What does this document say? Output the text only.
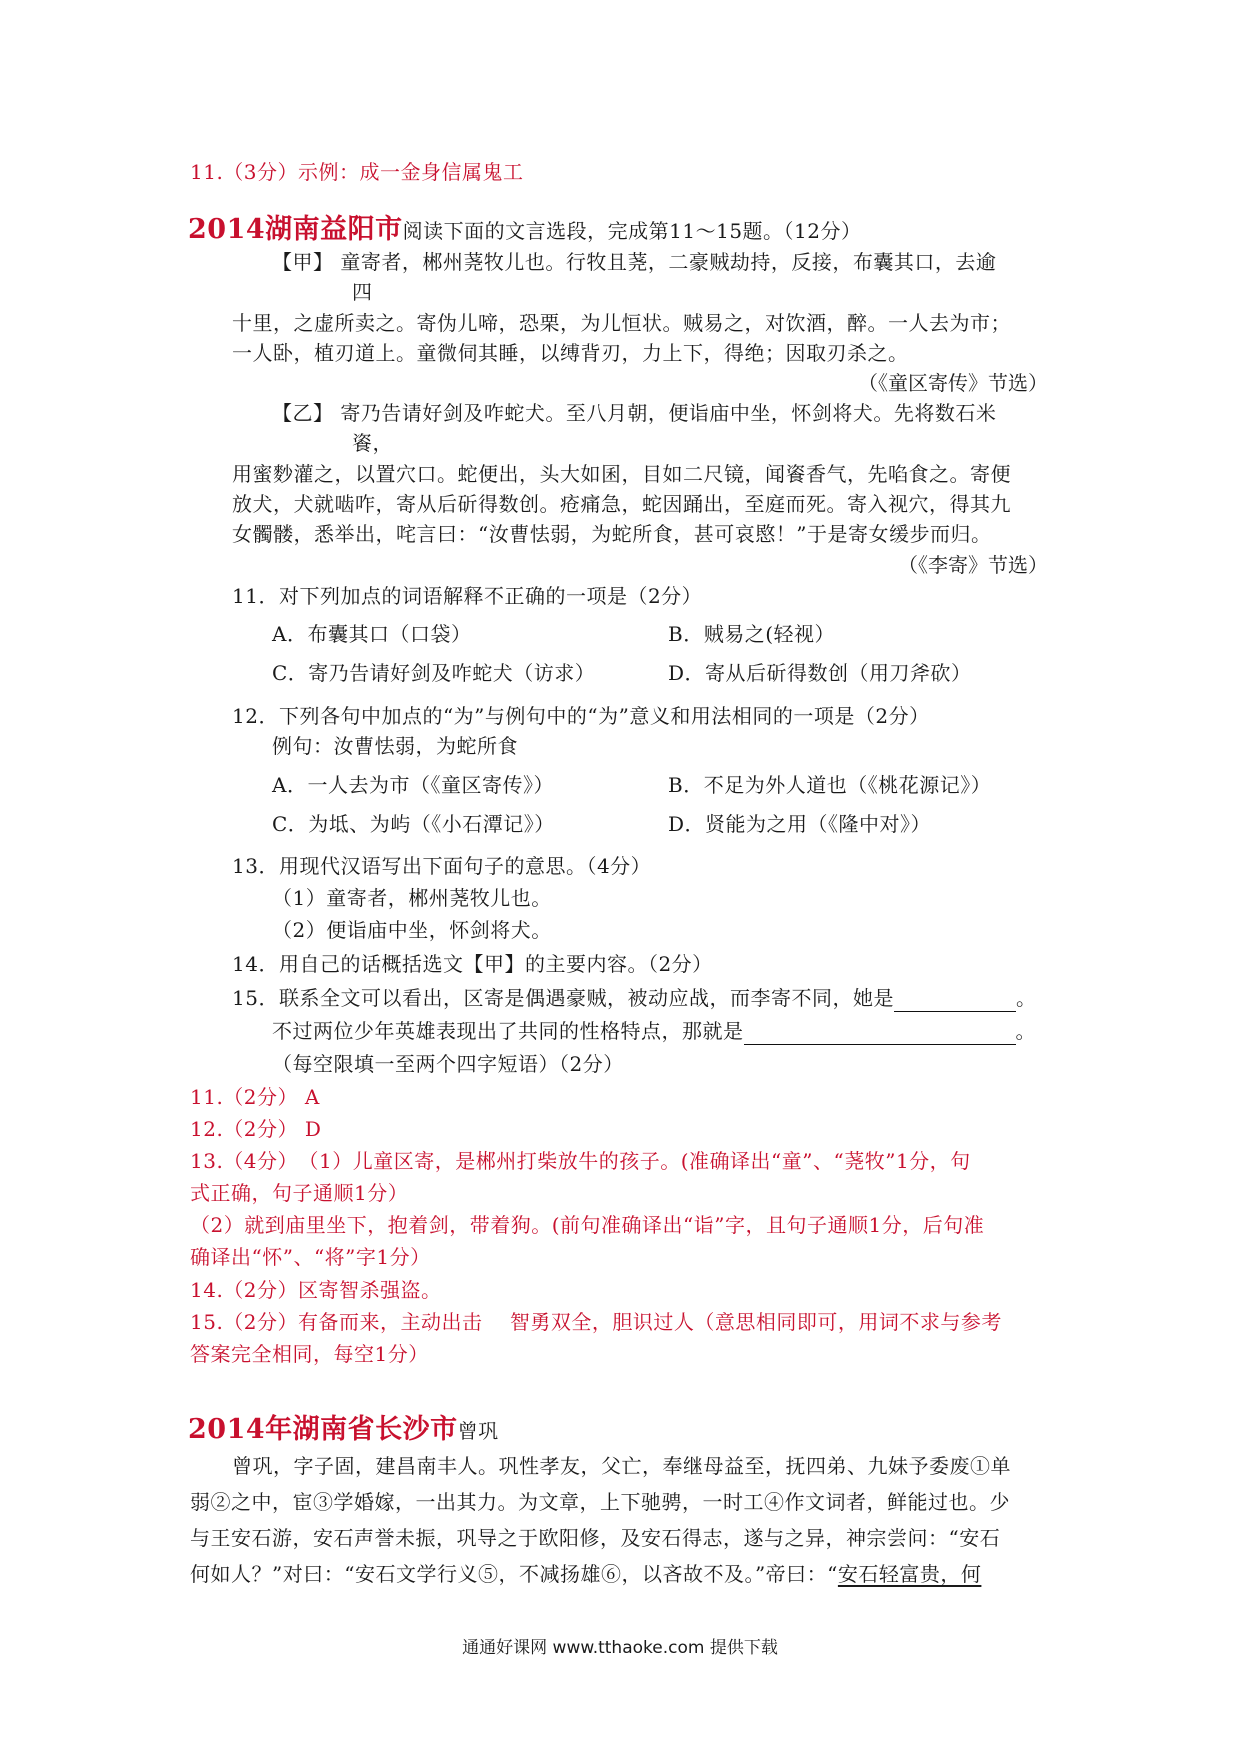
11.（3分）示例：成一金身信属鬼工
2014湖南益阳市阅读下面的文言选段，完成第11～15题。（12分）
【甲】 童寄者，郴州荛牧儿也。行牧且荛，二豪贼劫持，反接，布囊其口，去逾
四
十里，之虚所卖之。寄伪儿啼，恐栗，为儿恒状。贼易之，对饮酒，醉。一人去为市；
一人卧，植刃道上。童微伺其睡，以缚背刃，力上下，得绝；因取刃杀之。
（《童区寄传》节选）
【乙】 寄乃告请好剑及咋蛇犬。至八月朝，便诣庙中坐，怀剑将犬。先将数石米
餈，
用蜜麨灌之，以置穴口。蛇便出，头大如囷，目如二尺镜，闻餈香气，先啗食之。寄便
放犬，犬就啮咋，寄从后斫得数创。疮痛急，蛇因踊出，至庭而死。寄入视穴，得其九
女髑髅，悉举出，咤言曰：“汝曹怯弱，为蛇所食，甚可哀愍！”于是寄女缓步而归。
（《李寄》节选）
11．对下列加点的词语解释不正确的一项是（2分）
A．布囊其口（口袋）	B．贼易之(轻视）
C．寄乃告请好剑及咋蛇犬（访求）	D．寄从后斫得数创（用刀斧砍）
12．下列各句中加点的“为”与例句中的“为”意义和用法相同的一项是（2分）
例句：汝曹怯弱，为蛇所食
A．一人去为市（《童区寄传》）	B．不足为外人道也（《桃花源记》）
C．为坻、为屿（《小石潭记》）	D．贤能为之用（《隆中对》）
13．用现代汉语写出下面句子的意思。（4分）
（1）童寄者，郴州荛牧儿也。
（2）便诣庙中坐，怀剑将犬。
14．用自己的话概括选文【甲】的主要内容。（2分）
15．联系全文可以看出，区寄是偶遇豪贼，被动应战，而李寄不同，她是	。
不过两位少年英雄表现出了共同的性格特点，那就是	。
（每空限填一至两个四字短语）（2分）
11.（2分） A
12.（2分） D
13.（4分）　（1）儿童区寄，是郴州打柴放牛的孩子。(准确译出“童”、“荛牧”1分，句
式正确，句子通顺1分）
（2）就到庙里坐下，抱着剑，带着狗。(前句准确译出“诣”字，且句子通顺1分，后句准
确译出“怀”、“将”字1分）
14.（2分）区寄智杀强盗。
15.（2分）有备而来，主动出击　 智勇双全，胆识过人（意思相同即可，用词不求与参考
答案完全相同，每空1分）
2014年湖南省长沙市曾巩
曾巩，字子固，建昌南丰人。巩性孝友，父亡，奉继母益至，抚四弟、九妹予委废①单
弱②之中，宦③学婚嫁，一出其力。为文章，上下驰骋，一时工④作文词者，鲜能过也。少
与王安石游，安石声誉未振，巩导之于欧阳修，及安石得志，遂与之异，神宗尝问：“安石
何如人？”对曰：“安石文学行义⑤，不减扬雄⑥，以吝故不及。”帝曰：“安石轻富贵，何
通通好课网 www.tthaoke.com 提供下载
